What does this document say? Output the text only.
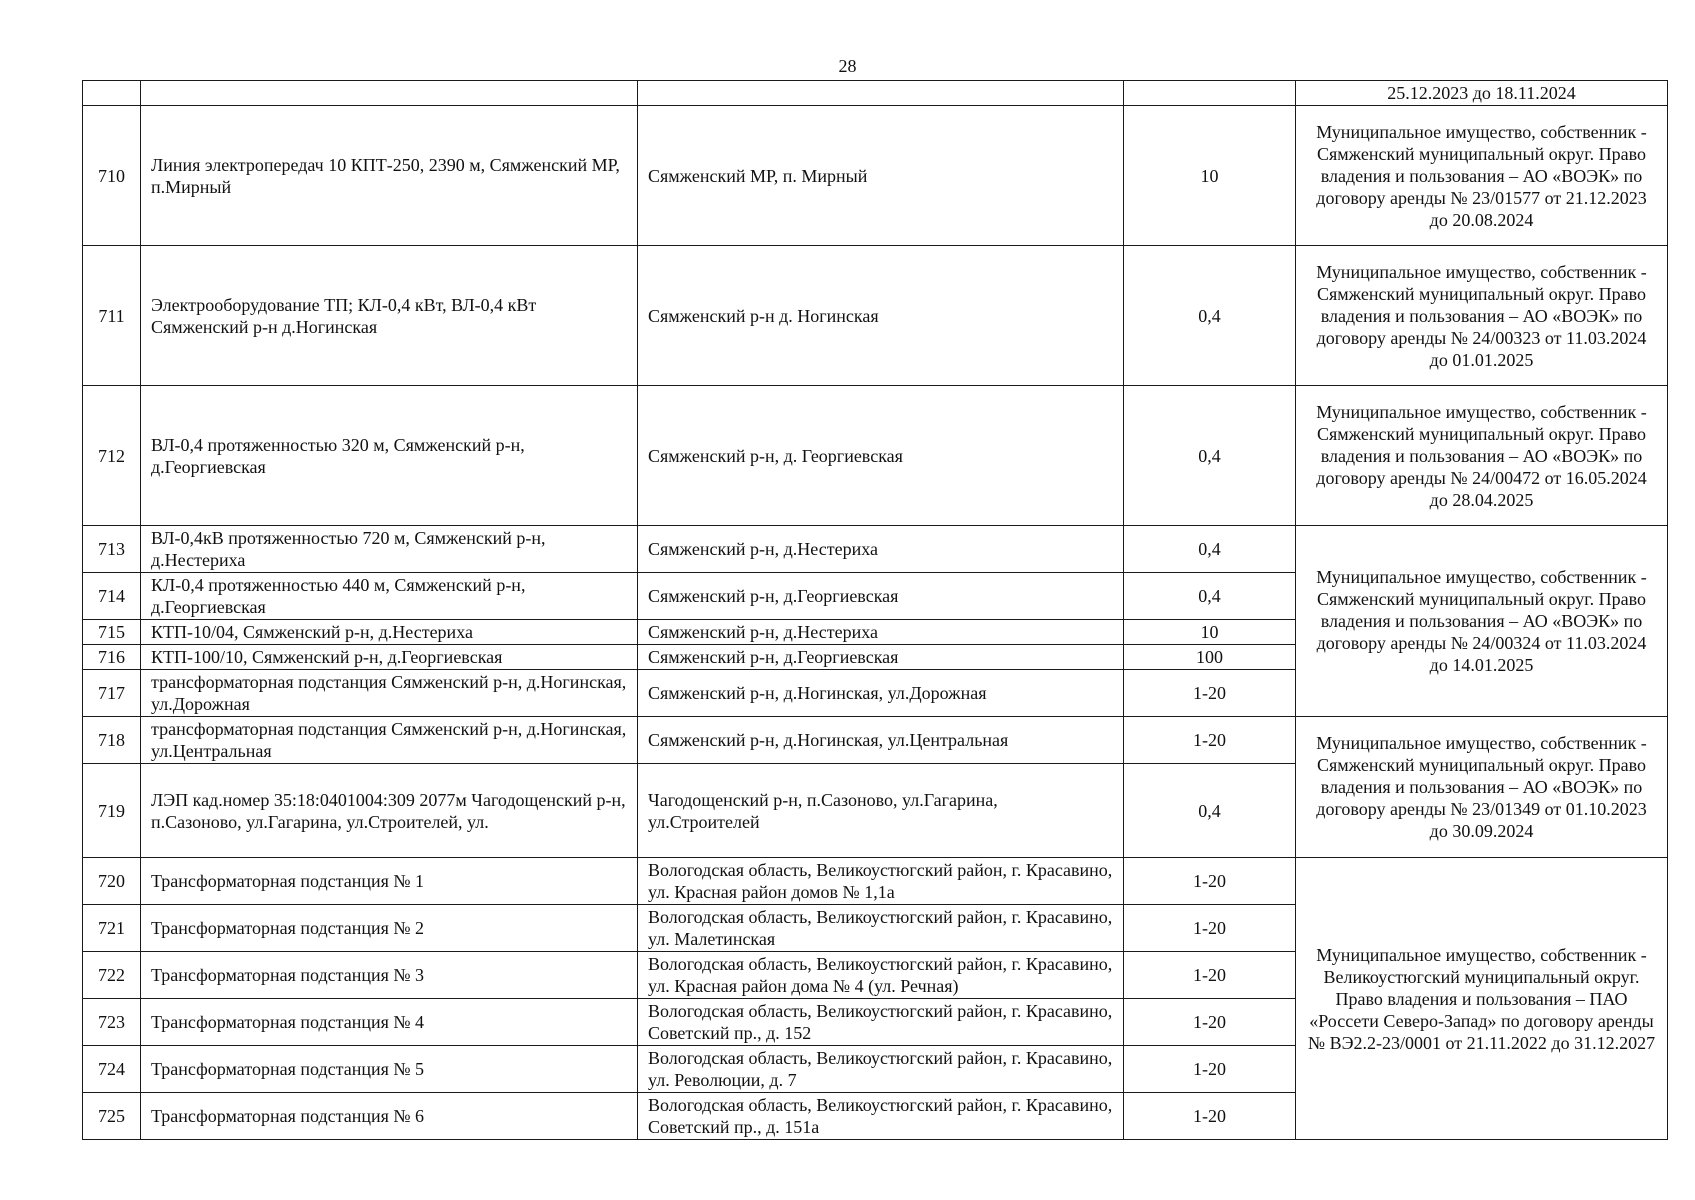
28
				25.12.2023 до 18.11.2024
710	Линия электропередач 10 КПТ-250, 2390 м, Сямженский МР, п.Мирный	Сямженский МР, п. Мирный	10	Муниципальное имущество, собственник - Сямженский муниципальный округ. Право владения и пользования – АО «ВОЭК» по договору аренды № 23/01577 от 21.12.2023 до 20.08.2024
711	Электрооборудование ТП; КЛ-0,4 кВт, ВЛ-0,4 кВт Сямженский р-н д.Ногинская	Сямженский р-н д. Ногинская	0,4	Муниципальное имущество, собственник - Сямженский муниципальный округ. Право владения и пользования – АО «ВОЭК» по договору аренды № 24/00323 от 11.03.2024 до 01.01.2025
712	ВЛ-0,4 протяженностью 320 м, Сямженский р-н, д.Георгиевская	Сямженский р-н, д. Георгиевская	0,4	Муниципальное имущество, собственник - Сямженский муниципальный округ. Право владения и пользования – АО «ВОЭК» по договору аренды № 24/00472 от 16.05.2024 до 28.04.2025
713	ВЛ-0,4кВ протяженностью 720 м, Сямженский р-н, д.Нестериха	Сямженский р-н, д.Нестериха	0,4	Муниципальное имущество, собственник - Сямженский муниципальный округ. Право владения и пользования – АО «ВОЭК» по договору аренды № 24/00324 от 11.03.2024 до 14.01.2025
714	КЛ-0,4 протяженностью 440 м, Сямженский р-н, д.Георгиевская	Сямженский р-н, д.Георгиевская	0,4	
715	КТП-10/04, Сямженский р-н, д.Нестериха	Сямженский р-н, д.Нестериха	10	
716	КТП-100/10, Сямженский р-н, д.Георгиевская	Сямженский р-н, д.Георгиевская	100	
717	трансформаторная подстанция Сямженский р-н, д.Ногинская, ул.Дорожная	Сямженский р-н, д.Ногинская, ул.Дорожная	1-20	
718	трансформаторная подстанция Сямженский р-н, д.Ногинская, ул.Центральная	Сямженский р-н, д.Ногинская, ул.Центральная	1-20	Муниципальное имущество, собственник - Сямженский муниципальный округ. Право владения и пользования – АО «ВОЭК» по договору аренды № 23/01349 от 01.10.2023 до 30.09.2024
719	ЛЭП кад.номер 35:18:0401004:309 2077м Чагодощенский р-н, п.Сазоново, ул.Гагарина, ул.Строителей, ул.	Чагодощенский р-н, п.Сазоново, ул.Гагарина, ул.Строителей	0,4	
720	Трансформаторная подстанция № 1	Вологодская область, Великоустюгский район, г. Красавино, ул. Красная район домов № 1,1а	1-20	Муниципальное имущество, собственник - Великоустюгский муниципальный округ. Право владения и пользования – ПАО «Россети Северо-Запад» по договору аренды № ВЭ2.2-23/0001 от 21.11.2022 до 31.12.2027
721	Трансформаторная подстанция № 2	Вологодская область, Великоустюгский район, г. Красавино, ул. Малетинская	1-20	
722	Трансформаторная подстанция № 3	Вологодская область, Великоустюгский район, г. Красавино, ул. Красная район дома № 4 (ул. Речная)	1-20	
723	Трансформаторная подстанция № 4	Вологодская область, Великоустюгский район, г. Красавино, Советский пр., д. 152	1-20	
724	Трансформаторная подстанция № 5	Вологодская область, Великоустюгский район, г. Красавино, ул. Революции, д. 7	1-20	
725	Трансформаторная подстанция № 6	Вологодская область, Великоустюгский район, г. Красавино, Советский пр., д. 151а	1-20	
